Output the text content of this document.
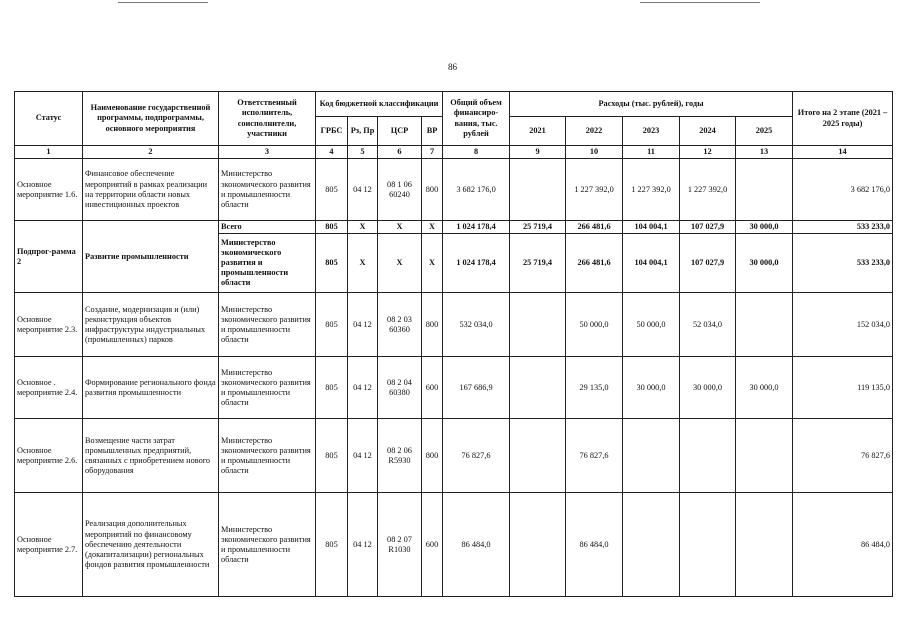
86
Статус	Наименование государственной программы, подпрограммы, основного мероприятия	Ответственный исполнитель, соисполнители, участники	Код бюджетной классификации				Общий объем финансиро-вания, тыс. рублей	Расходы (тыс. рублей), годы					Итого на 2 этапе (2021 – 2025 годы)
			ГРБС	Рз, Пр	ЦСР	ВР		2021	2022	2023	2024	2025	
1	2	3	4	5	6	7	8	9	10	11	12	13	14
Основное мероприятие 1.6.	Финансовое обеспечение мероприятий в рамках реализации на территории области новых инвестиционных проектов	Министерство экономического развития и промышленности области	805	04 12	08 1 06 60240	800	3 682 176,0		1 227 392,0	1 227 392,0	1 227 392,0		3 682 176,0
Подпрог-рамма 2	Развитие промышленности	Всего	805	X	X	X	1 024 178,4	25 719,4	266 481,6	104 004,1	107 027,9	30 000,0	533 233,0
		Министерство экономического развития и промышленности области	805	X	X	X	1 024 178,4	25 719,4	266 481,6	104 004,1	107 027,9	30 000,0	533 233,0
Основное мероприятие 2.3.	Создание, модернизация и (или) реконструкция объектов инфраструктуры индустриальных (промышленных) парков	Министерство экономического развития и промышленности области	805	04 12	08 2 03 60360	800	532 034,0		50 000,0	50 000,0	52 034,0		152 034,0
Основное . мероприятие 2.4.	Формирование регионального фонда развития промышленности	Министерство экономического развития и промышленности области	805	04 12	08 2 04 60380	600	167 686,9		29 135,0	30 000,0	30 000,0	30 000,0	119 135,0
Основное мероприятие 2.6.	Возмещение части затрат промышленных предприятий, связанных с приобретением нового оборудования	Министерство экономического развития и промышленности области	805	04 12	08 2 06 R5930	800	76 827,6		76 827,6				76 827,6
Основное мероприятие 2.7.	Реализация дополнительных мероприятий по финансовому обеспечению деятельности (докапитализации) региональных фондов развития промышленности	Министерство экономического развития и промышленности области	805	04 12	08 2 07 R1030	600	86 484,0		86 484,0				86 484,0
